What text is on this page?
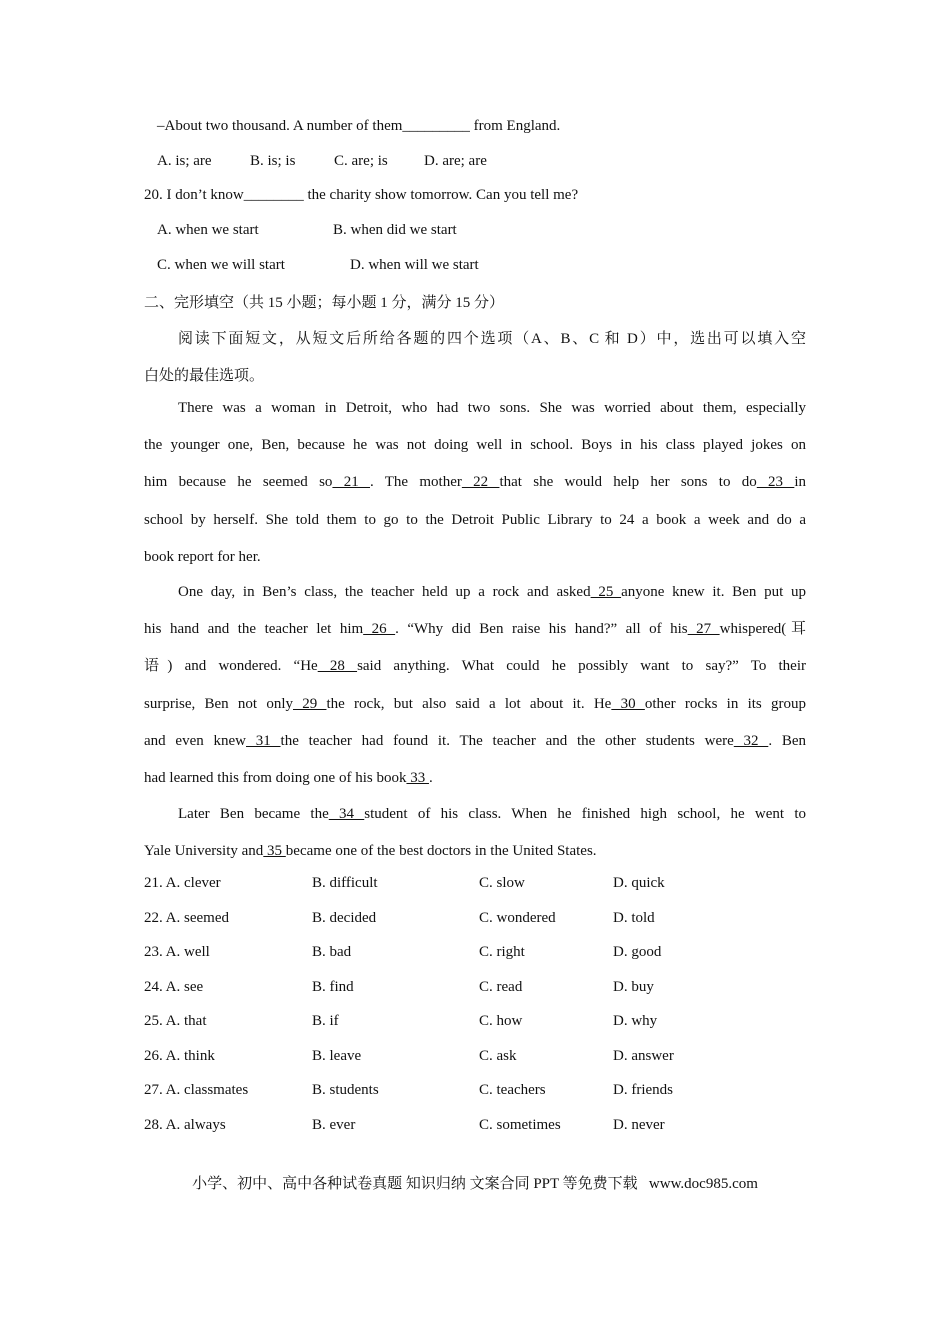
–About two thousand. A number of them_________ from England.
A. is; are	B. is; is	C. are; is D. are; are
20. I don’t know________ the charity show tomorrow. Can you tell me?
A. when we start	B. when did we start
C. when we will start	D. when will we start
二、完形填空（共 15 小题；每小题 1 分，满分 15 分）
阅读下面短文，从短文后所给各题的四个选项（A、B、C 和 D）中，选出可以填入空
白处的最佳选项。
There was a woman in Detroit, who had two sons. She was worried about them, especially
the younger one, Ben, because he was not doing well in school. Boys in his class played jokes on
him because he seemed so 21 . The mother 22 that she would help her sons to do 23 in
school by herself. She told them to go to the Detroit Public Library to 24 a book a week and do a
book report for her.
One day, in Ben’s class, the teacher held up a rock and asked 25 anyone knew it. Ben put up
his hand and the teacher let him 26 . “Why did Ben raise his hand?” all of his 27 whispered(耳
语) and wondered. “He 28 said anything. What could he possibly want to say?” To their
surprise, Ben not only 29 the rock, but also said a lot about it. He 30 other rocks in its group
and even knew 31 the teacher had found it. The teacher and the other students were 32 . Ben
had learned this from doing one of his book 33 .
Later Ben became the 34 student of his class. When he finished high school, he went to
Yale University and 35 became one of the best doctors in the United States.
21. A. clever	B. difficult	C. slow	D. quick
22. A. seemed	B. decided	C. wondered	D. told
23. A. well	B. bad	C. right	D. good
24. A. see	B. find	C. read	D. buy
25. A. that	B. if	C. how	D. why
26. A. think	B. leave	C. ask	D. answer
27. A. classmates	B. students	C. teachers	D. friends
28. A. always	B. ever	C. sometimes	D. never
小学、初中、高中各种试卷真题 知识归纳 文案合同 PPT 等免费下载   www.doc985.com
